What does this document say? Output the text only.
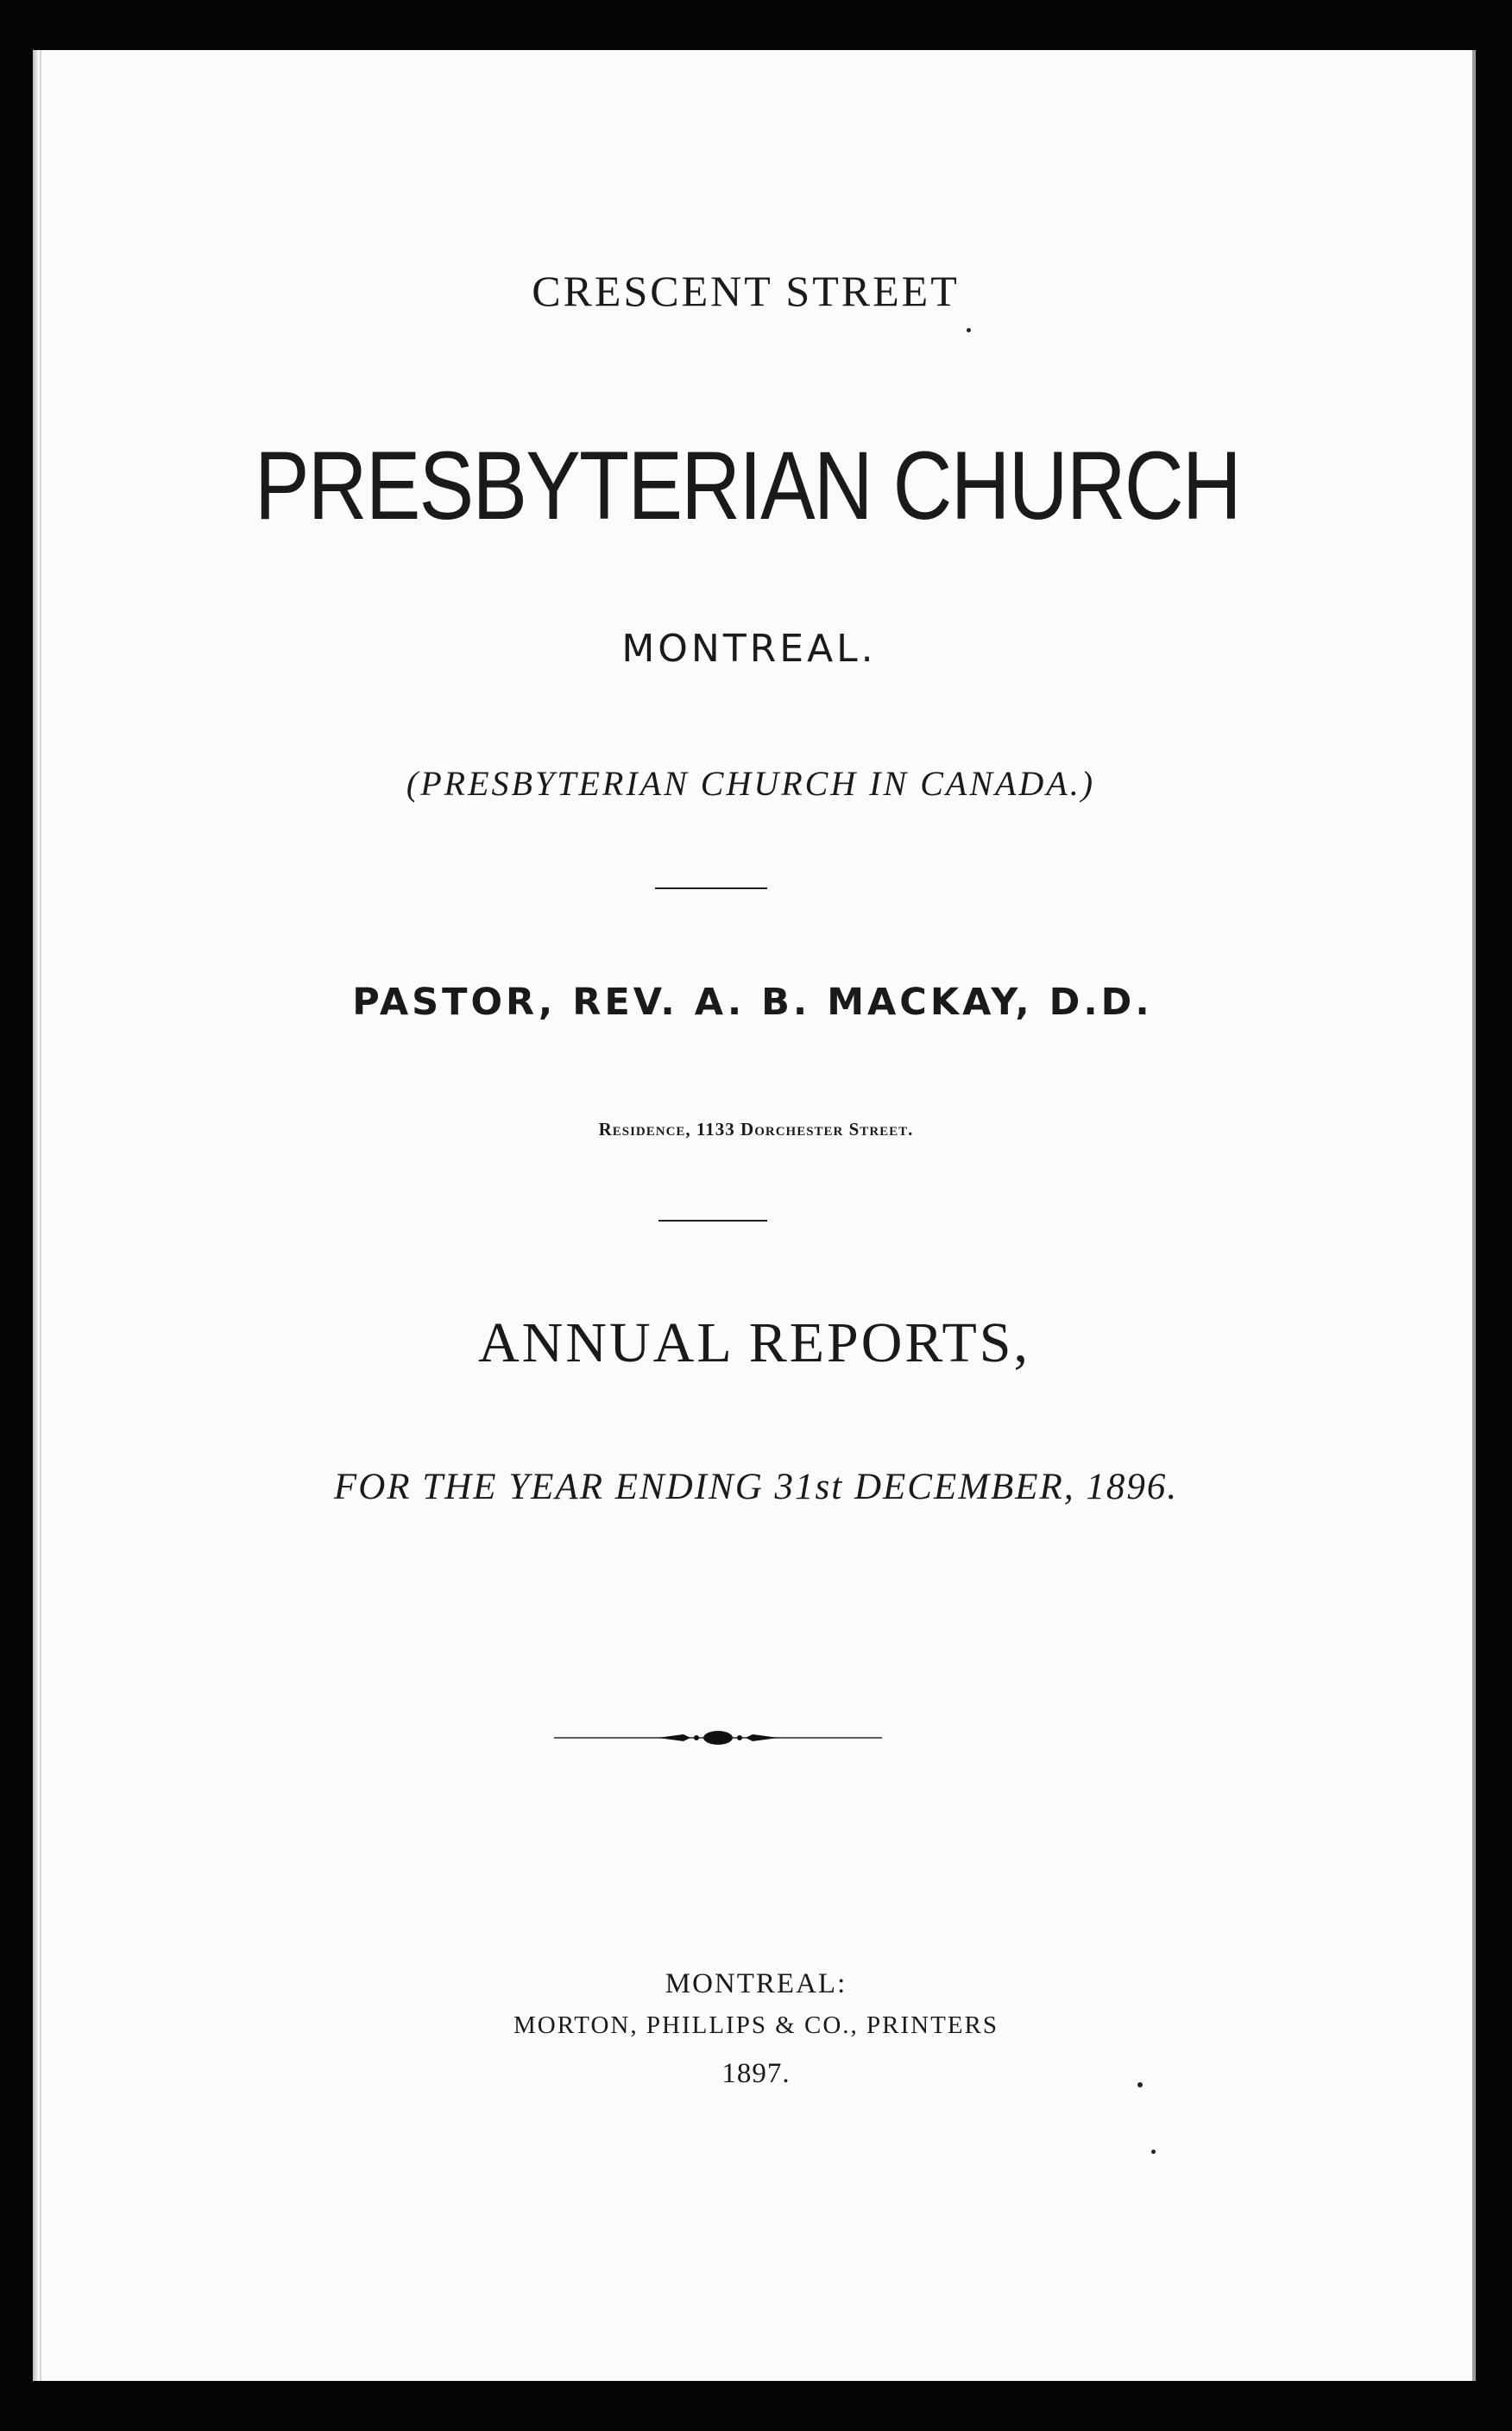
CRESCENT STREET
PRESBYTERIAN CHURCH
MONTREAL.
(PRESBYTERIAN CHURCH IN CANADA.)
PASTOR, REV. A. B. MACKAY, D.D.
Residence, 1133 Dorchester Street.
ANNUAL REPORTS,
FOR THE YEAR ENDING 31st DECEMBER, 1896.
MONTREAL:
MORTON, PHILLIPS & CO., PRINTERS
1897.
